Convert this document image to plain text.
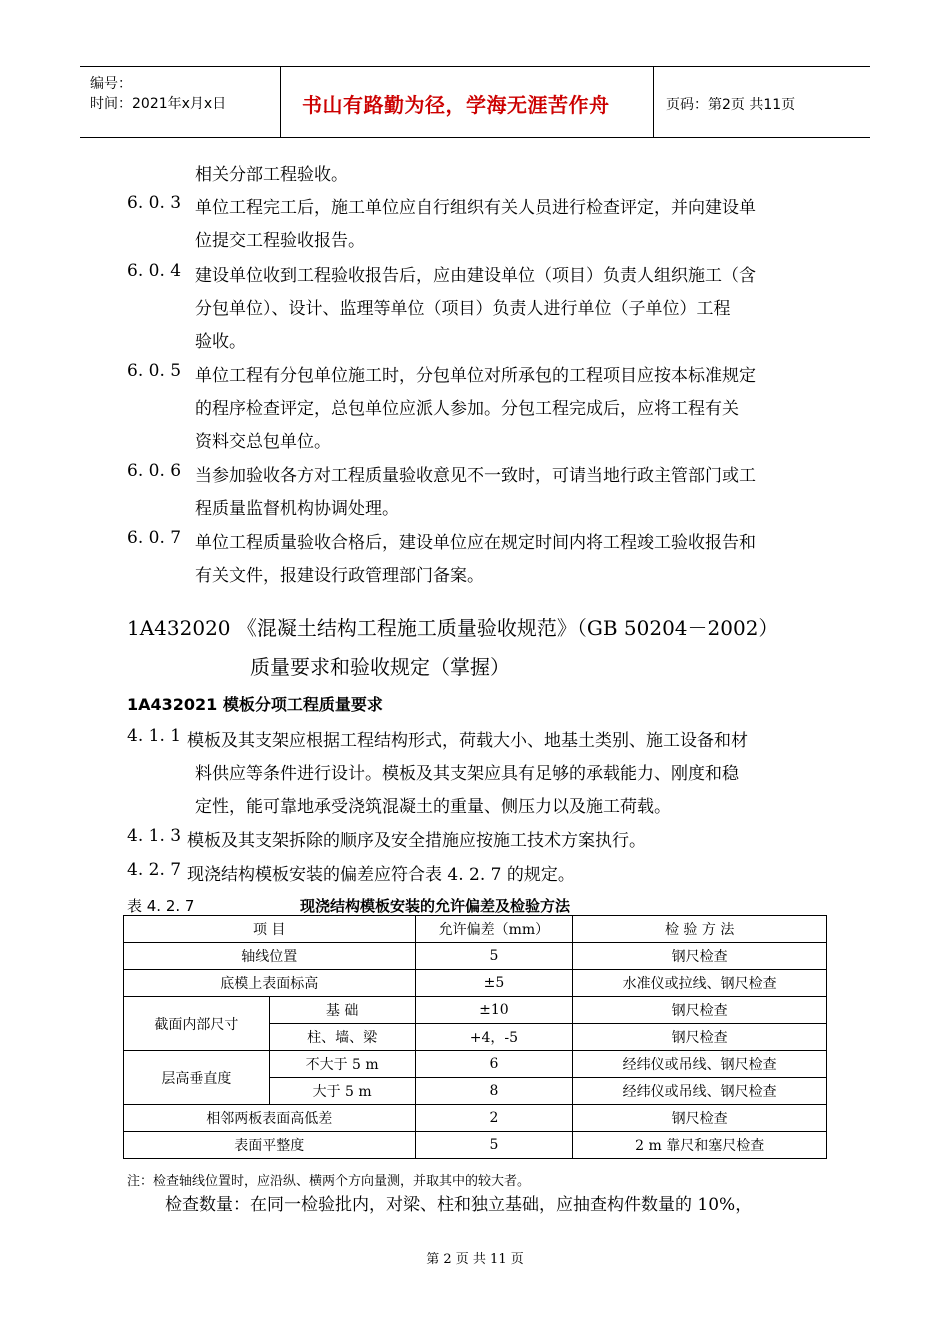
编号：
时间：2021年x月x日	书山有路勤为径，学海无涯苦作舟	页码：第2页 共11页
相关分部工程验收。
6. 0. 3 单位工程完工后，施工单位应自行组织有关人员进行检查评定，并向建设单
位提交工程验收报告。
6. 0. 4 建设单位收到工程验收报告后，应由建设单位（项目）负责人组织施工（含
分包单位）、设计、监理等单位（项目）负责人进行单位（子单位）工程
验收。
6. 0. 5 单位工程有分包单位施工时，分包单位对所承包的工程项目应按本标准规定
的程序检查评定，总包单位应派人参加。分包工程完成后，应将工程有关
资料交总包单位。
6. 0. 6 当参加验收各方对工程质量验收意见不一致时，可请当地行政主管部门或工
程质量监督机构协调处理。
6. 0. 7 单位工程质量验收合格后，建设单位应在规定时间内将工程竣工验收报告和
有关文件，报建设行政管理部门备案。
1A432020 《混凝土结构工程施工质量验收规范》（GB 50204－2002）
质量要求和验收规定（掌握）
1A432021 模板分项工程质量要求
4. 1. 1 模板及其支架应根据工程结构形式，荷载大小、地基土类别、施工设备和材
料供应等条件进行设计。模板及其支架应具有足够的承载能力、刚度和稳
定性，能可靠地承受浇筑混凝土的重量、侧压力以及施工荷载。
4. 1. 3 模板及其支架拆除的顺序及安全措施应按施工技术方案执行。
4. 2. 7 现浇结构模板安装的偏差应符合表 4. 2. 7 的规定。
表 4. 2. 7	现浇结构模板安装的允许偏差及检验方法
项 目		允许偏差（mm）	检 验 方 法
轴线位置		5	钢尺检查
底模上表面标高		±5	水准仪或拉线、钢尺检查
截面内部尺寸	基 础	±10	钢尺检查
	柱、墙、梁	+4，-5	钢尺检查
层高垂直度	不大于 5 m	6	经纬仪或吊线、钢尺检查
	大于 5 m	8	经纬仪或吊线、钢尺检查
相邻两板表面高低差		2	钢尺检查
表面平整度		5	2 m 靠尺和塞尺检查
注：检查轴线位置时，应沿纵、横两个方向量测，并取其中的较大者。
检查数量：在同一检验批内，对梁、柱和独立基础，应抽查构件数量的 10%，
第 2 页 共 11 页
